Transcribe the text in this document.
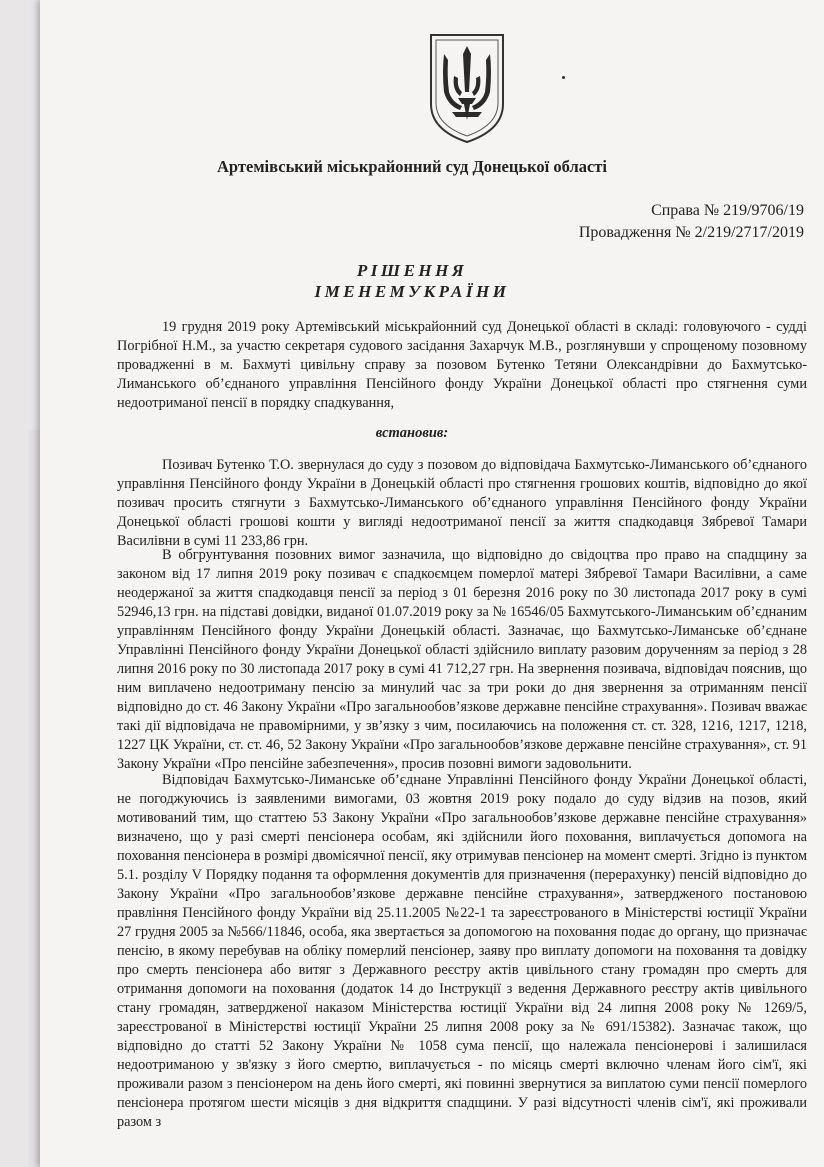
Артемівський міськрайонний суд Донецької області
Справа № 219/9706/19
Провадження № 2/219/2717/2019
РІШЕННЯ
ІМЕНЕМУКРАЇНИ

19 грудня 2019 року Артемівський міськрайонний суд Донецької області в складі: головуючого - судді Погрібної Н.М., за участю секретаря судового засідання Захарчук М.В., розглянувши у спрощеному позовному провадженні в м. Бахмуті цивільну справу за позовом Бутенко Тетяни Олександрівни до Бахмутсько-Лиманського об’єднаного управління Пенсійного фонду України Донецької області про стягнення суми недоотриманої пенсії в порядку спадкування,

встановив:

Позивач Бутенко Т.О. звернулася до суду з позовом до відповідача Бахмутсько-Лиманського об’єднаного управління Пенсійного фонду України в Донецькій області про стягнення грошових коштів, відповідно до якої позивач просить стягнути з Бахмутсько-Лиманського об’єднаного управління Пенсійного фонду України Донецької області грошові кошти у вигляді недоотриманої пенсії за життя спадкодавця Зябревої Тамари Василівни в сумі 11 233,86 грн.

В обгрунтування позовних вимог зазначила, що відповідно до свідоцтва про право на спадщину за законом від 17 липня 2019 року позивач є спадкоємцем померлої матері Зябревої Тамари Василівни, а саме неодержаної за життя спадкодавця пенсії за період з 01 березня 2016 року по 30 листопада 2017 року в сумі 52946,13 грн. на підставі довідки, виданої 01.07.2019 року за № 16546/05 Бахмутського-Лиманським об’єднаним управлінням Пенсійного фонду України Донецькій області. Зазначає, що Бахмутсько-Лиманське об’єднане Управлінні Пенсійного фонду України Донецької області здійснило виплату разовим дорученням за період з 28 липня 2016 року по 30 листопада 2017 року в сумі 41 712,27 грн. На звернення позивача, відповідач пояснив, що ним виплачено недоотриману пенсію за минулий час за три роки до дня звернення за отриманням пенсії відповідно до ст. 46 Закону України «Про загальнообов’язкове державне пенсійне страхування». Позивач вважає такі дії відповідача не правомірними, у зв’язку з чим, посилаючись на положення ст. ст. 328, 1216, 1217, 1218, 1227 ЦК України, ст. ст. 46, 52 Закону України «Про загальнообов’язкове державне пенсійне страхування», ст. 91 Закону України «Про пенсійне забезпечення», просив позовні вимоги задовольнити.

Відповідач Бахмутсько-Лиманське об’єднане Управлінні Пенсійного фонду України Донецької області, не погоджуючись із заявленими вимогами, 03 жовтня 2019 року подало до суду відзив на позов, який мотивований тим, що статтею 53 Закону України «Про загальнообов’язкове державне пенсійне страхування» визначено, що у разі смерті пенсіонера особам, які здійснили його поховання, виплачується допомога на поховання пенсіонера в розмірі двомісячної пенсії, яку отримував пенсіонер на момент смерті. Згідно із пунктом 5.1. розділу V Порядку подання та оформлення документів для призначення (перерахунку) пенсій відповідно до Закону України «Про загальнообов’язкове державне пенсійне страхування», затвердженого постановою правління Пенсійного фонду України від 25.11.2005 №22-1 та зареєстрованого в Міністерстві юстиції України 27 грудня 2005 за №566/11846, особа, яка звертається за допомогою на поховання подає до органу, що призначає пенсію, в якому перебував на обліку померлий пенсіонер, заяву про виплату допомоги на поховання та довідку про смерть пенсіонера або витяг з Державного реєстру актів цивільного стану громадян про смерть для отримання допомоги на поховання (додаток 14 до Інструкції з ведення Державного реєстру актів цивільного стану громадян, затвердженої наказом Міністерства юстиції України від 24 липня 2008 року № 1269/5, зареєстрованої в Міністерстві юстиції України 25 липня 2008 року за № 691/15382). Зазначає також, що відповідно до статті 52 Закону України № 1058 сума пенсії, що належала пенсіонерові і залишилася недоотриманою у зв'язку з його смертю, виплачується - по місяць смерті включно членам його сім'ї, які проживали разом з пенсіонером на день його смерті, які повинні звернутися за виплатою суми пенсії померлого пенсіонера протягом шести місяців з дня відкриття спадщини. У разі відсутності членів сім'ї, які проживали разом з
